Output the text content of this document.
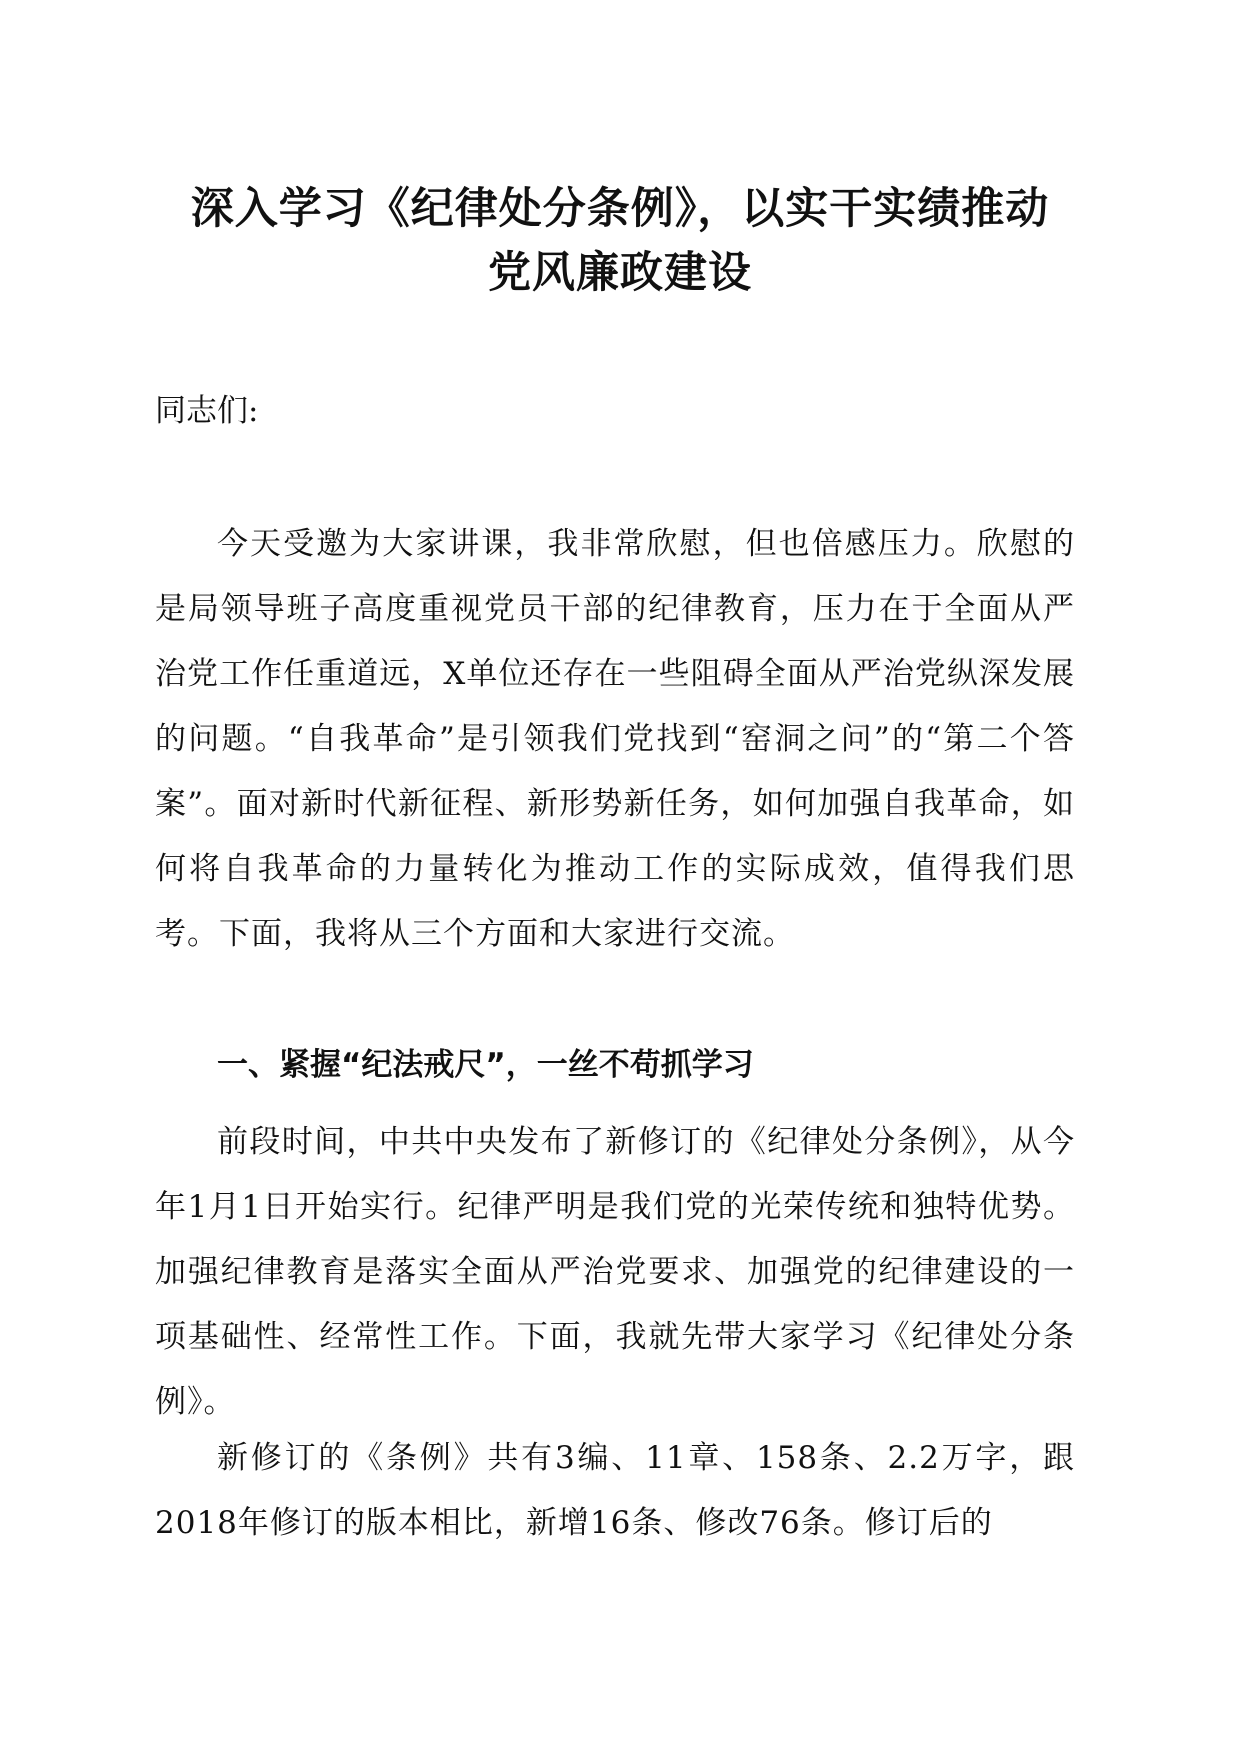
深入学习《纪律处分条例》，以实干实绩推动
党风廉政建设

同志们:

今天受邀为大家讲课，我非常欣慰，但也倍感压力。欣慰的是局领导班子高度重视党员干部的纪律教育，压力在于全面从严治党工作任重道远，X单位还存在一些阻碍全面从严治党纵深发展的问题。“自我革命”是引领我们党找到“窑洞之问”的“第二个答案”。面对新时代新征程、新形势新任务，如何加强自我革命，如何将自我革命的力量转化为推动工作的实际成效，值得我们思考。下面，我将从三个方面和大家进行交流。

一、紧握“纪法戒尺”，一丝不苟抓学习

前段时间，中共中央发布了新修订的《纪律处分条例》，从今年1月1日开始实行。纪律严明是我们党的光荣传统和独特优势。加强纪律教育是落实全面从严治党要求、加强党的纪律建设的一项基础性、经常性工作。下面，我就先带大家学习《纪律处分条例》。

新修订的《条例》共有3编、11章、158条、2.2万字，跟2018年修订的版本相比，新增16条、修改76条。修订后的
